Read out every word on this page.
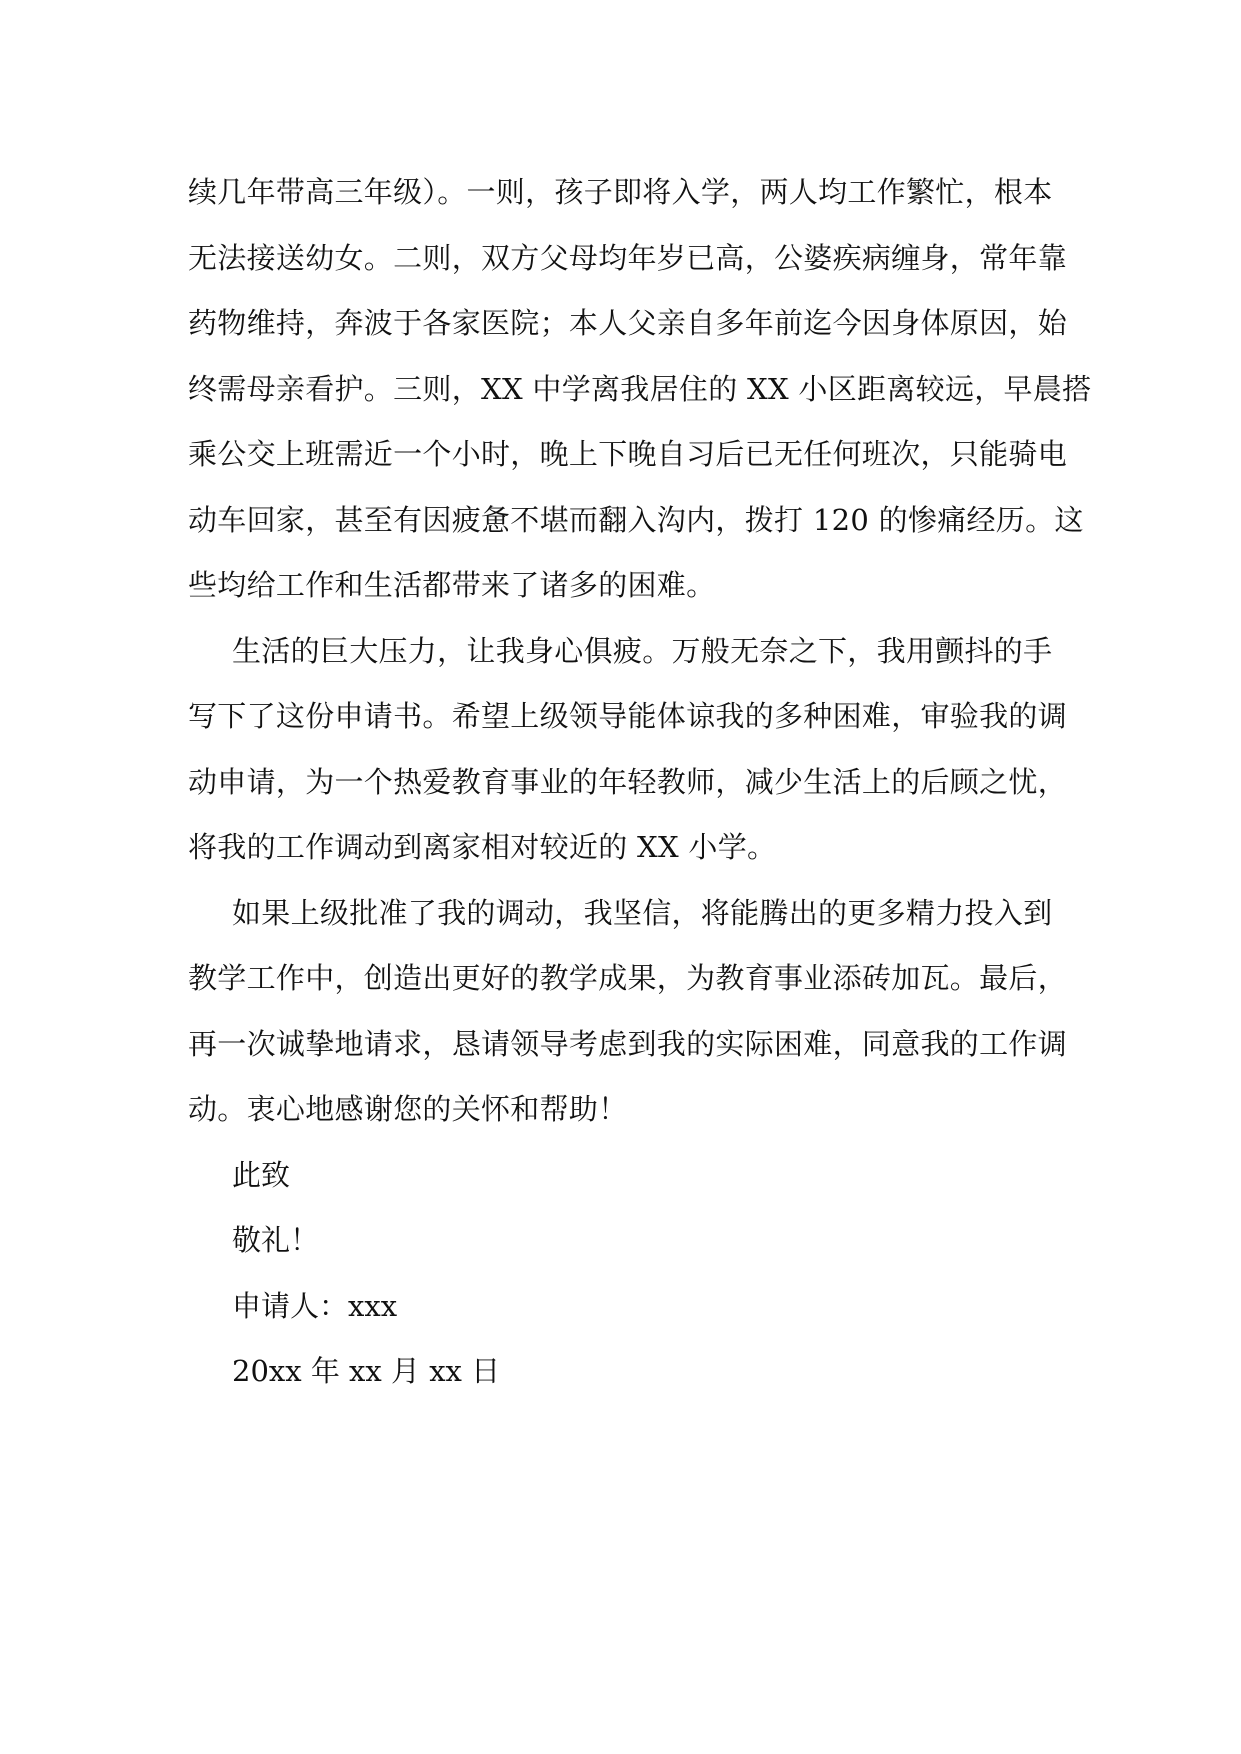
续几年带高三年级）。一则，孩子即将入学，两人均工作繁忙，根本
无法接送幼女。二则，双方父母均年岁已高，公婆疾病缠身，常年靠
药物维持，奔波于各家医院；本人父亲自多年前迄今因身体原因，始
终需母亲看护。三则，XX 中学离我居住的 XX 小区距离较远，早晨搭
乘公交上班需近一个小时，晚上下晚自习后已无任何班次，只能骑电
动车回家，甚至有因疲惫不堪而翻入沟内，拨打 120 的惨痛经历。这
些均给工作和生活都带来了诸多的困难。

生活的巨大压力，让我身心俱疲。万般无奈之下，我用颤抖的手
写下了这份申请书。希望上级领导能体谅我的多种困难，审验我的调
动申请，为一个热爱教育事业的年轻教师，减少生活上的后顾之忧，
将我的工作调动到离家相对较近的 XX 小学。

如果上级批准了我的调动，我坚信，将能腾出的更多精力投入到
教学工作中，创造出更好的教学成果，为教育事业添砖加瓦。最后，
再一次诚挚地请求，恳请领导考虑到我的实际困难，同意我的工作调
动。衷心地感谢您的关怀和帮助！

此致

敬礼！

申请人：xxx

20xx 年 xx 月 xx 日
